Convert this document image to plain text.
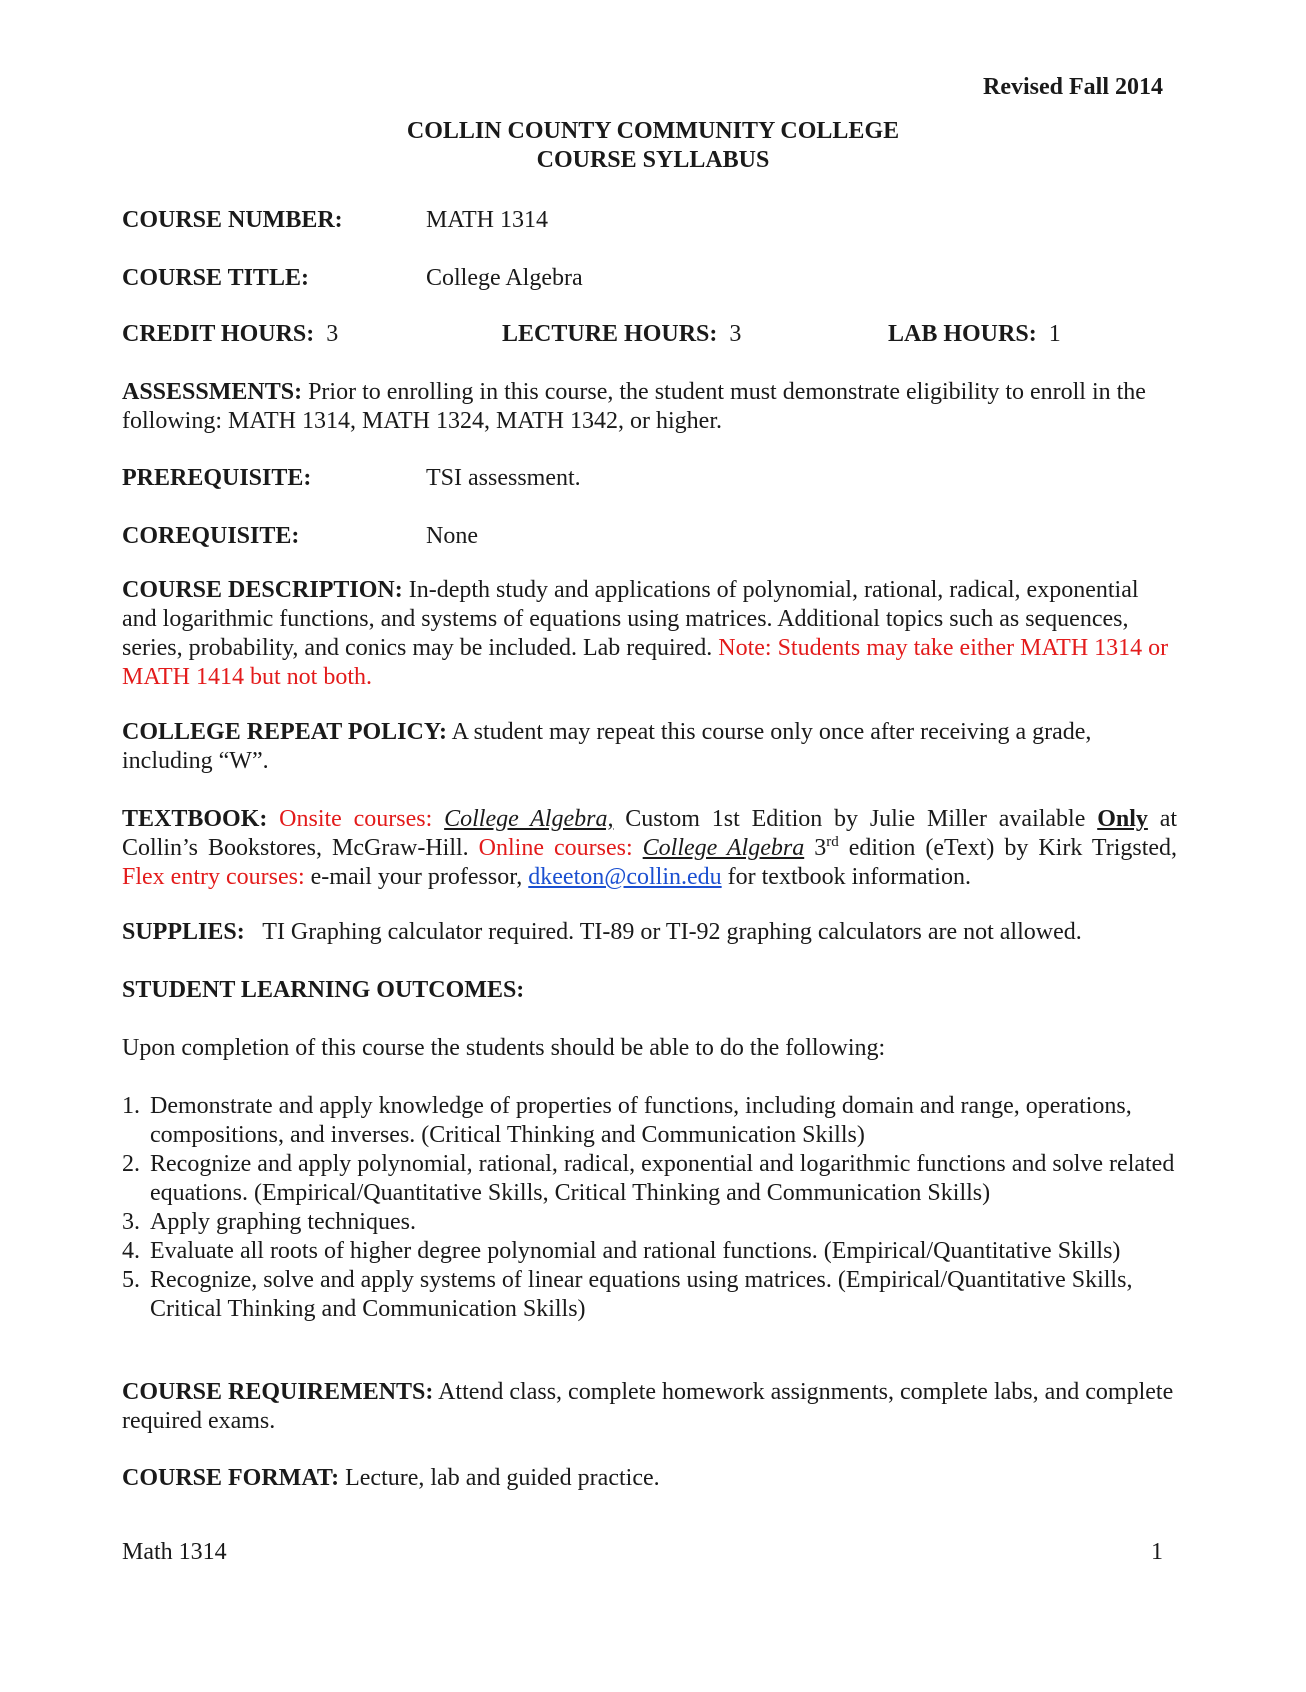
Revised Fall 2014
COLLIN COUNTY COMMUNITY COLLEGE
COURSE SYLLABUS
COURSE NUMBER:	MATH 1314
COURSE TITLE:	College Algebra
CREDIT HOURS: 3	LECTURE HOURS: 3	LAB HOURS: 1
ASSESSMENTS: Prior to enrolling in this course, the student must demonstrate eligibility to enroll in the following: MATH 1314, MATH 1324, MATH 1342, or higher.
PREREQUISITE:	TSI assessment.
COREQUISITE:	None
COURSE DESCRIPTION: In-depth study and applications of polynomial, rational, radical, exponential and logarithmic functions, and systems of equations using matrices. Additional topics such as sequences, series, probability, and conics may be included. Lab required. Note: Students may take either MATH 1314 or MATH 1414 but not both.
COLLEGE REPEAT POLICY: A student may repeat this course only once after receiving a grade, including “W”.
TEXTBOOK: Onsite courses: College Algebra, Custom 1st Edition by Julie Miller available Only at Collin’s Bookstores, McGraw-Hill. Online courses: College Algebra 3rd edition (eText) by Kirk Trigsted, Flex entry courses: e-mail your professor, dkeeton@collin.edu for textbook information.
SUPPLIES: TI Graphing calculator required. TI-89 or TI-92 graphing calculators are not allowed.
STUDENT LEARNING OUTCOMES:
Upon completion of this course the students should be able to do the following:
1. Demonstrate and apply knowledge of properties of functions, including domain and range, operations, compositions, and inverses. (Critical Thinking and Communication Skills)
2. Recognize and apply polynomial, rational, radical, exponential and logarithmic functions and solve related equations. (Empirical/Quantitative Skills, Critical Thinking and Communication Skills)
3. Apply graphing techniques.
4. Evaluate all roots of higher degree polynomial and rational functions. (Empirical/Quantitative Skills)
5. Recognize, solve and apply systems of linear equations using matrices. (Empirical/Quantitative Skills, Critical Thinking and Communication Skills)
COURSE REQUIREMENTS: Attend class, complete homework assignments, complete labs, and complete required exams.
COURSE FORMAT: Lecture, lab and guided practice.
Math 1314	1
